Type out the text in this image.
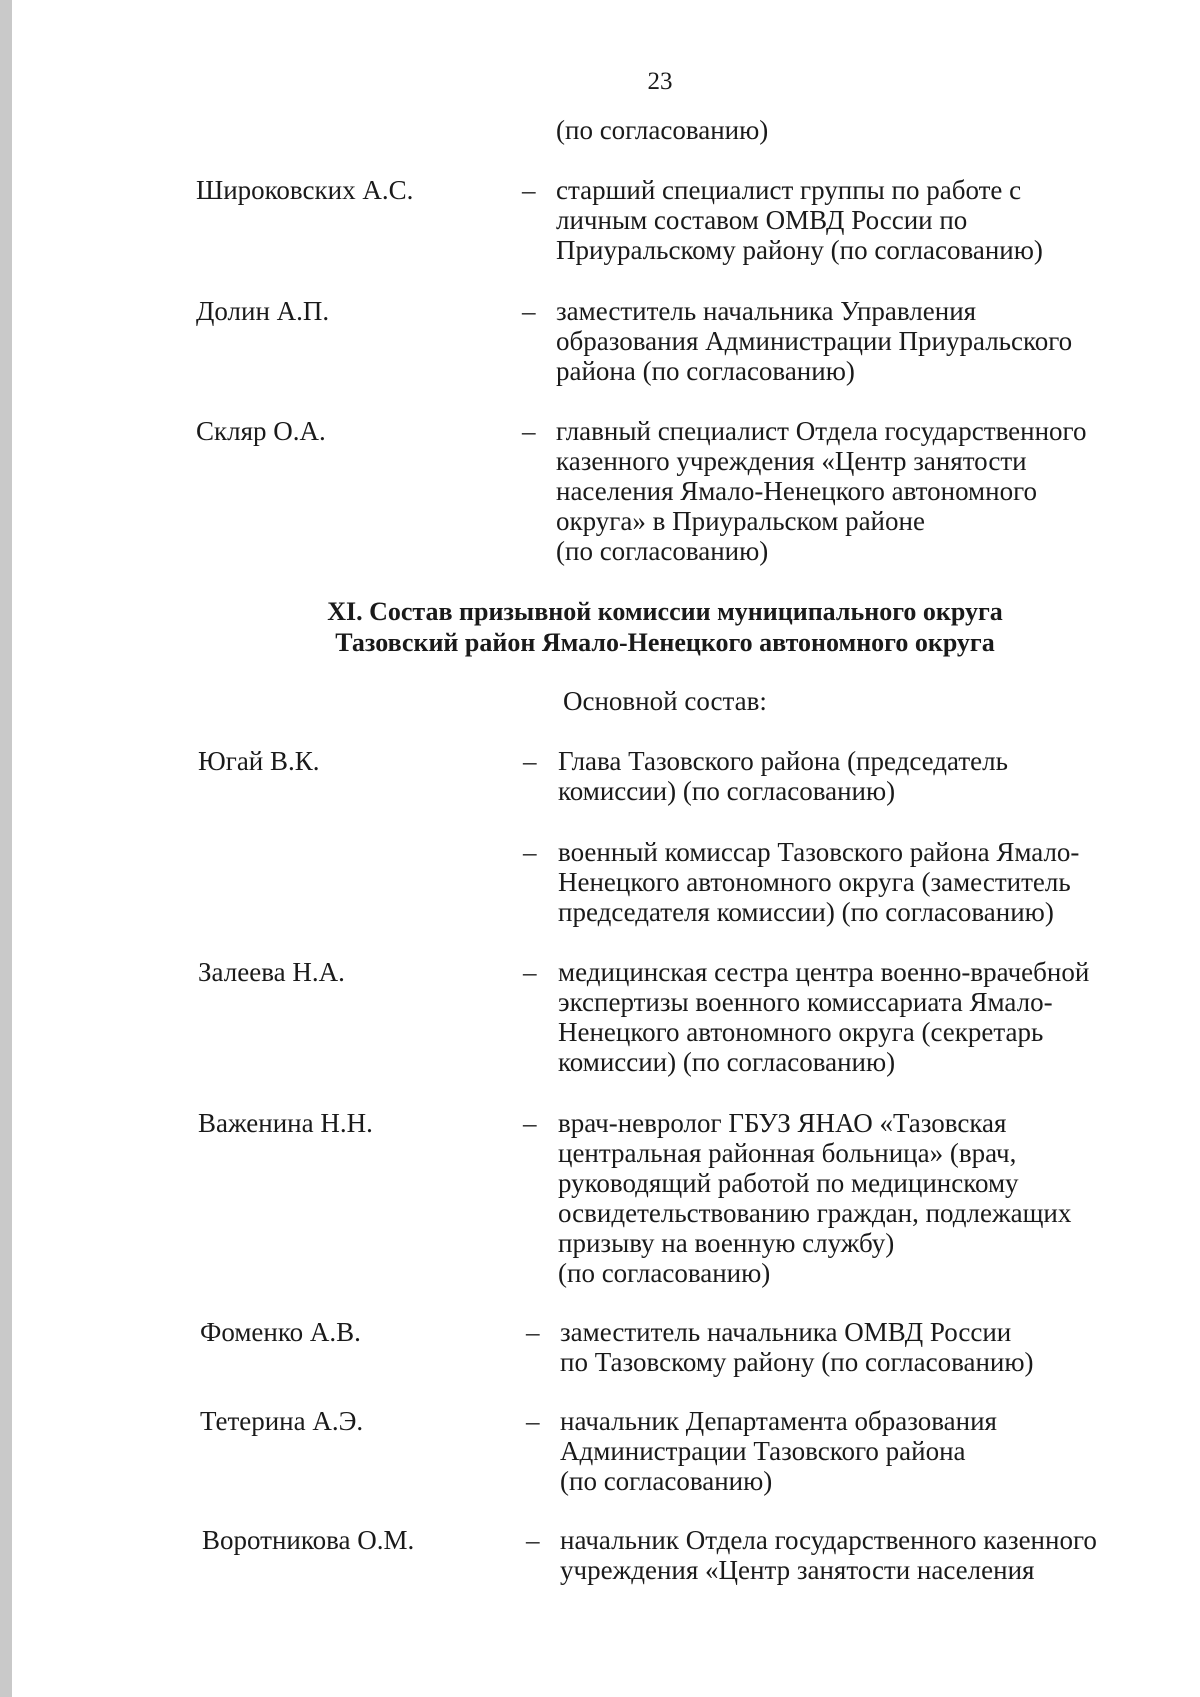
23
(по согласованию)
Широковских А.С.	– старший специалист группы по работе с
личным составом ОМВД России по
Приуральскому району (по согласованию)
Долин А.П.	– заместитель начальника Управления
образования Администрации Приуральского
района (по согласованию)
Скляр О.А.	– главный специалист Отдела государственного
казенного учреждения «Центр занятости
населения Ямало-Ненецкого автономного
округа» в Приуральском районе
(по согласованию)
XI. Состав призывной комиссии муниципального округа
Тазовский район Ямало-Ненецкого автономного округа
Основной состав:
Югай В.К.	– Глава Тазовского района (председатель
комиссии) (по согласованию)
– военный комиссар Тазовского района Ямало-
Ненецкого автономного округа (заместитель
председателя комиссии) (по согласованию)
Залеева Н.А.	– медицинская сестра центра военно-врачебной
экспертизы военного комиссариата Ямало-
Ненецкого автономного округа (секретарь
комиссии) (по согласованию)
Важенина Н.Н.	– врач-невролог ГБУЗ ЯНАО «Тазовская
центральная районная больница» (врач,
руководящий работой по медицинскому
освидетельствованию граждан, подлежащих
призыву на военную службу)
(по согласованию)
Фоменко А.В.	– заместитель начальника ОМВД России
по Тазовскому району (по согласованию)
Тетерина А.Э.	– начальник Департамента образования
Администрации Тазовского района
(по согласованию)
Воротникова О.М.	– начальник Отдела государственного казенного
учреждения «Центр занятости населения
